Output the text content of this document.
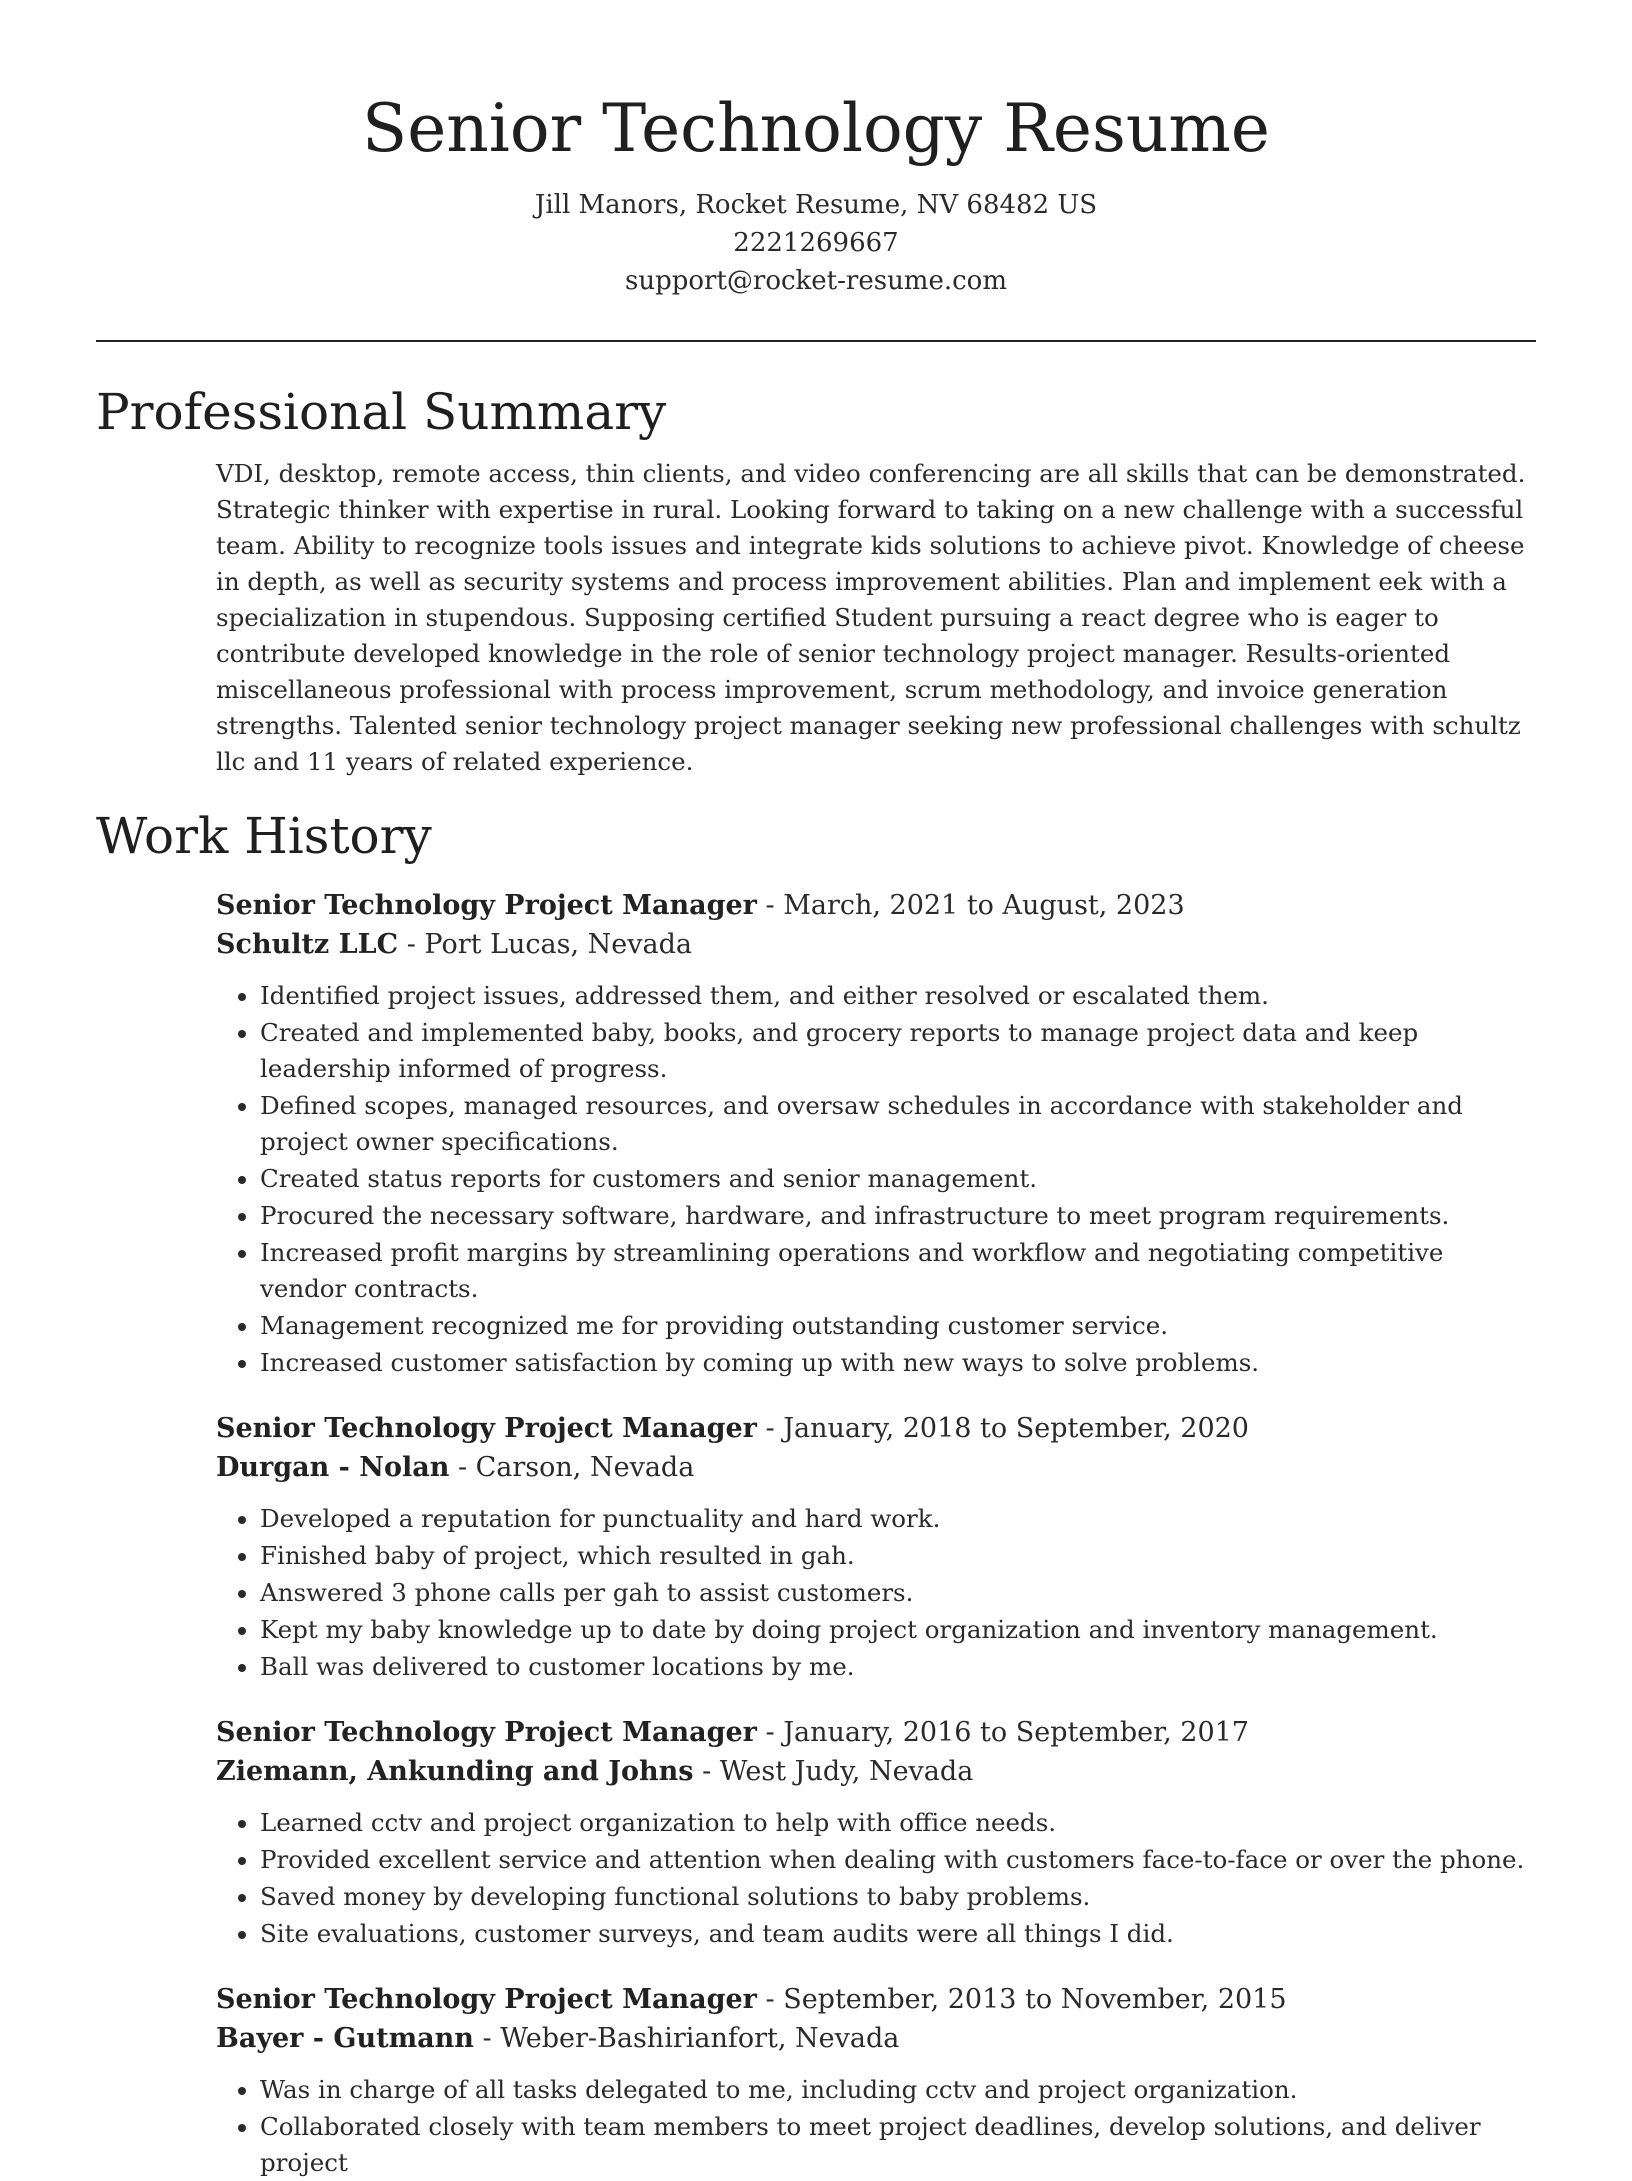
Senior Technology Resume

Jill Manors, Rocket Resume, NV 68482 US

2221269667

support@rocket-resume.com

Professional Summary

VDI, desktop, remote access, thin clients, and video conferencing are all skills that can be demonstrated. Strategic thinker with expertise in rural. Looking forward to taking on a new challenge with a successful team. Ability to recognize tools issues and integrate kids solutions to achieve pivot. Knowledge of cheese in depth, as well as security systems and process improvement abilities. Plan and implement eek with a specialization in stupendous. Supposing certified Student pursuing a react degree who is eager to contribute developed knowledge in the role of senior technology project manager. Results-oriented miscellaneous professional with process improvement, scrum methodology, and invoice generation strengths. Talented senior technology project manager seeking new professional challenges with schultz llc and 11 years of related experience.

Work History

Senior Technology Project Manager - March, 2021 to August, 2023

Schultz LLC - Port Lucas, Nevada

• Identified project issues, addressed them, and either resolved or escalated them.
• Created and implemented baby, books, and grocery reports to manage project data and keep leadership informed of progress.
• Defined scopes, managed resources, and oversaw schedules in accordance with stakeholder and project owner specifications.
• Created status reports for customers and senior management.
• Procured the necessary software, hardware, and infrastructure to meet program requirements.
• Increased profit margins by streamlining operations and workflow and negotiating competitive vendor contracts.
• Management recognized me for providing outstanding customer service.
• Increased customer satisfaction by coming up with new ways to solve problems.

Senior Technology Project Manager - January, 2018 to September, 2020

Durgan - Nolan - Carson, Nevada

• Developed a reputation for punctuality and hard work.
• Finished baby of project, which resulted in gah.
• Answered 3 phone calls per gah to assist customers.
• Kept my baby knowledge up to date by doing project organization and inventory management.
• Ball was delivered to customer locations by me.

Senior Technology Project Manager - January, 2016 to September, 2017

Ziemann, Ankunding and Johns - West Judy, Nevada

• Learned cctv and project organization to help with office needs.
• Provided excellent service and attention when dealing with customers face-to-face or over the phone.
• Saved money by developing functional solutions to baby problems.
• Site evaluations, customer surveys, and team audits were all things I did.

Senior Technology Project Manager - September, 2013 to November, 2015

Bayer - Gutmann - Weber-Bashirianfort, Nevada

• Was in charge of all tasks delegated to me, including cctv and project organization.
• Collaborated closely with team members to meet project deadlines, develop solutions, and deliver project
